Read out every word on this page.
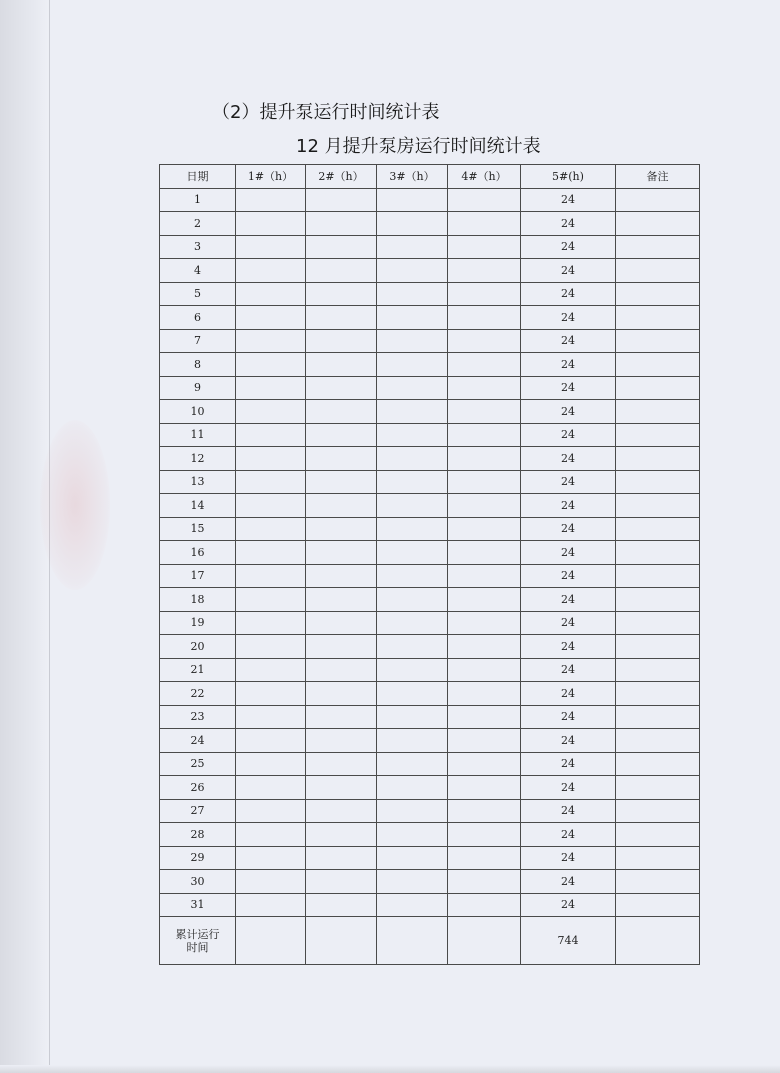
（2）提升泵运行时间统计表
12 月提升泵房运行时间统计表
日期	1#（h）	2#（h）	3#（h）	4#（h）	5#(h)	备注
1					24	
2					24	
3					24	
4					24	
5					24	
6					24	
7					24	
8					24	
9					24	
10					24	
11					24	
12					24	
13					24	
14					24	
15					24	
16					24	
17					24	
18					24	
19					24	
20					24	
21					24	
22					24	
23					24	
24					24	
25					24	
26					24	
27					24	
28					24	
29					24	
30					24	
31					24	
累计运行
时间					744	
